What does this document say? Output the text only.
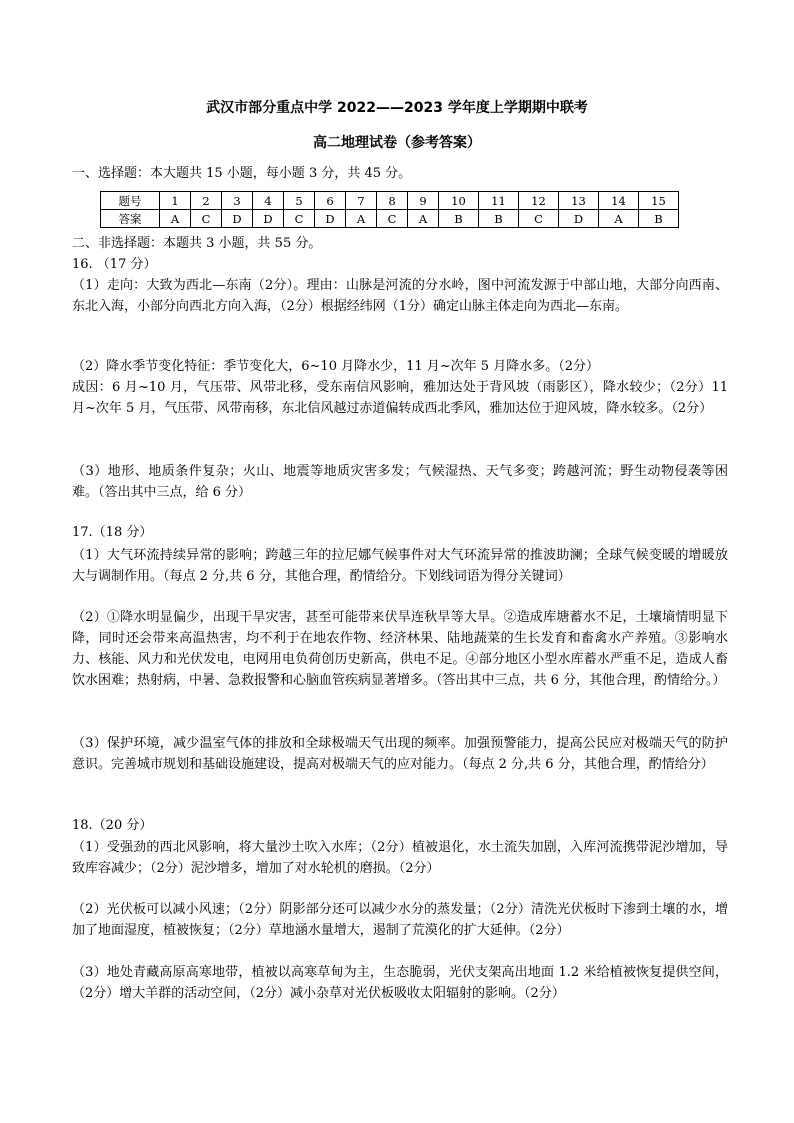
武汉市部分重点中学 2022——2023 学年度上学期期中联考
高二地理试卷（参考答案）
一、选择题：本大题共 15 小题，每小题 3 分，共 45 分。
题号	1	2	3	4	5	6	7	8	9	10	11	12	13	14	15
答案	A	C	D	D	C	D	A	C	A	B	B	C	D	A	B
二、非选择题：本题共 3 小题，共 55 分。
16. （17 分）

（1）走向：大致为西北—东南（2分）。理由：山脉是河流的分水岭，图中河流发源于中部山地，大部分向西南、东北入海，小部分向西北方向入海，（2分）根据经纬网（1分）确定山脉主体走向为西北—东南。

（2）降水季节变化特征：季节变化大，6~10 月降水少，11 月~次年 5 月降水多。（2分）

成因：6 月~10 月，气压带、风带北移，受东南信风影响，雅加达处于背风坡（雨影区），降水较少；（2分）11 月~次年 5 月，气压带、风带南移，东北信风越过赤道偏转成西北季风，雅加达位于迎风坡，降水较多。（2分）

（3）地形、地质条件复杂；火山、地震等地质灾害多发；气候湿热、天气多变；跨越河流；野生动物侵袭等困难。（答出其中三点，给 6 分）

17.（18 分）

（1）大气环流持续异常的影响；跨越三年的拉尼娜气候事件对大气环流异常的推波助澜；全球气候变暖的增暖放大与调制作用。（每点 2 分,共 6 分，其他合理，酌情给分。下划线词语为得分关键词）

（2）①降水明显偏少，出现干旱灾害，甚至可能带来伏旱连秋旱等大旱。②造成库塘蓄水不足，土壤墒情明显下降，同时还会带来高温热害，均不利于在地农作物、经济林果、陆地蔬菜的生长发育和畜禽水产养殖。③影响水力、核能、风力和光伏发电，电网用电负荷创历史新高，供电不足。④部分地区小型水库蓄水严重不足，造成人畜饮水困难；热射病，中暑、急救报警和心脑血管疾病显著增多。（答出其中三点，共 6 分，其他合理，酌情给分。）

（3）保护环境，减少温室气体的排放和全球极端天气出现的频率。加强预警能力，提高公民应对极端天气的防护意识。完善城市规划和基础设施建设，提高对极端天气的应对能力。（每点 2 分,共 6 分，其他合理，酌情给分）

18.（20 分）

（1）受强劲的西北风影响，将大量沙土吹入水库；（2分）植被退化，水土流失加剧，入库河流携带泥沙增加，导致库容减少；（2分）泥沙增多，增加了对水轮机的磨损。（2分）

（2）光伏板可以减小风速；（2分）阴影部分还可以减少水分的蒸发量；（2分）清洗光伏板时下渗到土壤的水，增加了地面湿度，植被恢复；（2分）草地涵水量增大，遏制了荒漠化的扩大延伸。（2分）

（3）地处青藏高原高寒地带，植被以高寒草甸为主，生态脆弱，光伏支架高出地面 1.2 米给植被恢复提供空间，（2分）增大羊群的活动空间，（2分）减小杂草对光伏板吸收太阳辐射的影响。（2分）
